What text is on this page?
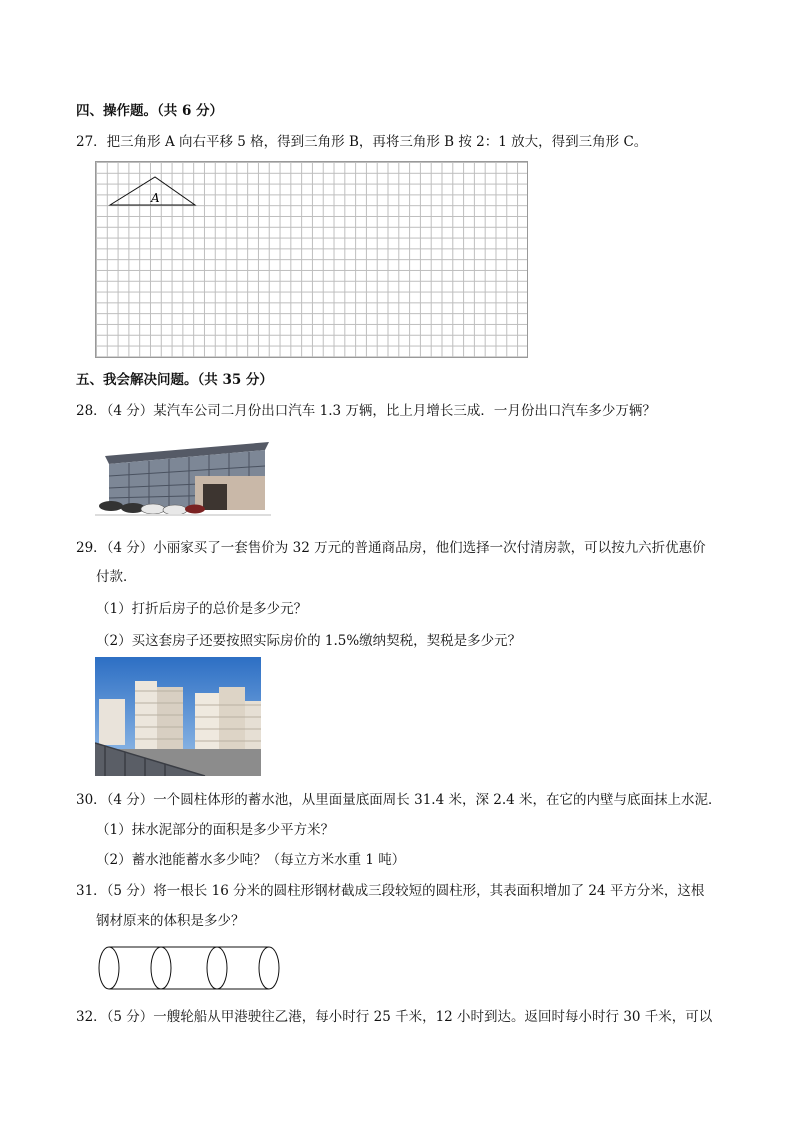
四、操作题。（共 6 分）
27．把三角形 A 向右平移 5 格，得到三角形 B，再将三角形 B 按 2：1 放大，得到三角形 C。
A
五、我会解决问题。（共 35 分）
28．（4 分）某汽车公司二月份出口汽车 1.3 万辆，比上月增长三成．一月份出口汽车多少万辆？
29．（4 分）小丽家买了一套售价为 32 万元的普通商品房，他们选择一次付清房款，可以按九六折优惠价
付款．
（1）打折后房子的总价是多少元？
（2）买这套房子还要按照实际房价的 1.5%缴纳契税，契税是多少元？
30．（4 分）一个圆柱体形的蓄水池，从里面量底面周长 31.4 米，深 2.4 米，在它的内壁与底面抹上水泥．
（1）抹水泥部分的面积是多少平方米？
（2）蓄水池能蓄水多少吨？（每立方米水重 1 吨）
31．（5 分）将一根长 16 分米的圆柱形钢材截成三段较短的圆柱形，其表面积增加了 24 平方分米，这根
钢材原来的体积是多少？
32．（5 分）一艘轮船从甲港驶往乙港，每小时行 25 千米，12 小时到达。返回时每小时行 30 千米，可以
